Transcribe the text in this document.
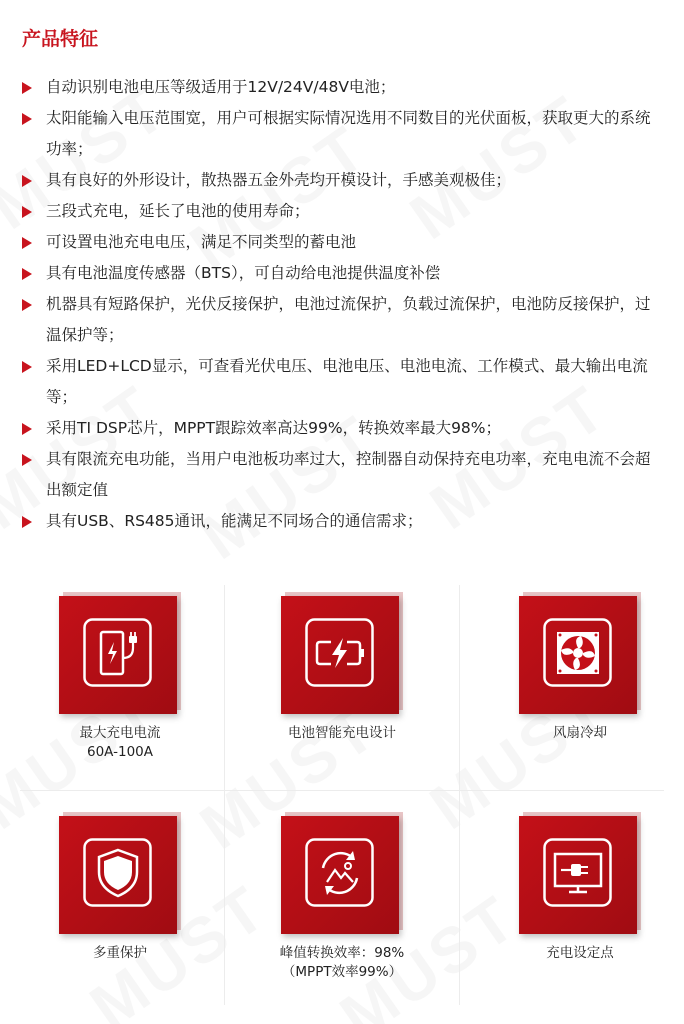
产品特征
自动识别电池电压等级适用于12V/24V/48V电池；
太阳能输入电压范围宽，用户可根据实际情况选用不同数目的光伏面板，获取更大的系统功率；
具有良好的外形设计，散热器五金外壳均开模设计，手感美观极佳；
三段式充电，延长了电池的使用寿命；
可设置电池充电电压，满足不同类型的蓄电池
具有电池温度传感器（BTS），可自动给电池提供温度补偿
机器具有短路保护，光伏反接保护，电池过流保护，负载过流保护，电池防反接保护，过温保护等；
采用LED+LCD显示，可查看光伏电压、电池电压、电池电流、工作模式、最大输出电流等；
采用TI DSP芯片，MPPT跟踪效率高达99%，转换效率最大98%；
具有限流充电功能，当用户电池板功率过大，控制器自动保持充电功率，充电电流不会超出额定值
具有USB、RS485通讯，能满足不同场合的通信需求；
最大充电电流
60A-100A
电池智能充电设计	风扇冷却
多重保护	峰值转换效率：98%
（MPPT效率99%）
充电设定点
